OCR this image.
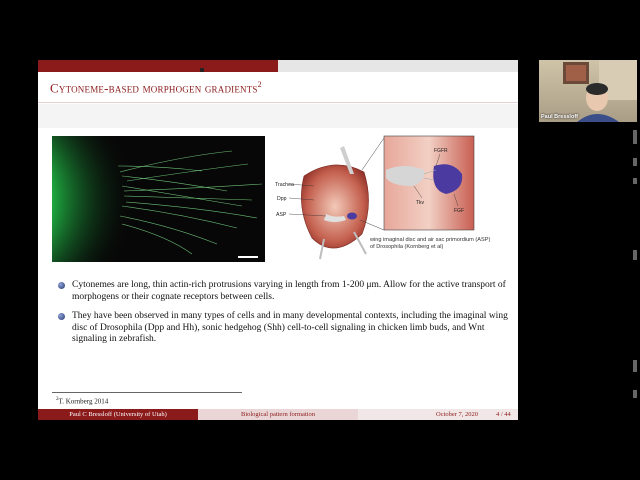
Cytoneme-based morphogen gradients$^2$
Trachea
Dpp
ASP
FGFR
Tkv
FGF
wing imaginal disc and air sac primordium (ASP) of Drosophila (Kornberg et al)
Cytonemes are long, thin actin-rich protrusions varying in length from 1-200 μm. Allow for the active transport of morphogens or their cognate receptors between cells.
They have been observed in many types of cells and in many developmental contexts, including the imaginal wing disc of Drosophila (Dpp and Hh), sonic hedgehog (Shh) cell-to-cell signaling in chicken limb buds, and Wnt signaling in zebrafish.
$^2$T. Kornberg 2014
Paul C Bressloff (University of Utah)	Biological pattern formation	October 7, 2020	4 / 44
Paul Bressloff
